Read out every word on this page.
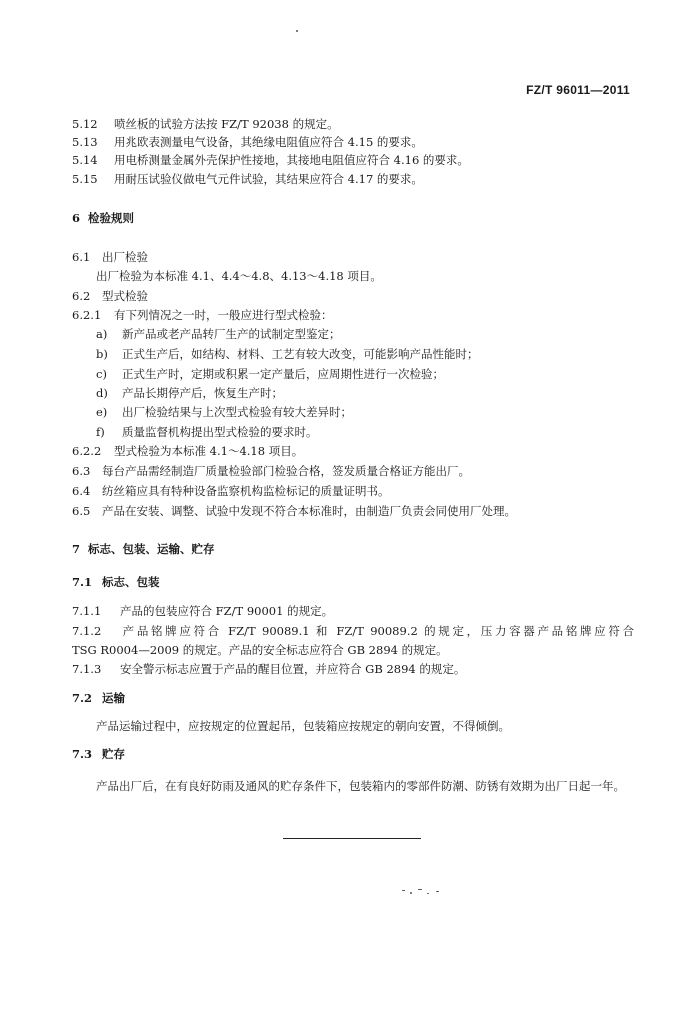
FZ/T 96011—2011
5.12 喷丝板的试验方法按 FZ/T 92038 的规定。
5.13 用兆欧表测量电气设备，其绝缘电阻值应符合 4.15 的要求。
5.14 用电桥测量金属外壳保护性接地，其接地电阻值应符合 4.16 的要求。
5.15 用耐压试验仪做电气元件试验，其结果应符合 4.17 的要求。
6 检验规则
6.1 出厂检验
出厂检验为本标准 4.1、4.4～4.8、4.13～4.18 项目。
6.2 型式检验
6.2.1 有下列情况之一时，一般应进行型式检验：
a) 新产品或老产品转厂生产的试制定型鉴定；
b) 正式生产后，如结构、材料、工艺有较大改变，可能影响产品性能时；
c) 正式生产时，定期或积累一定产量后，应周期性进行一次检验；
d) 产品长期停产后，恢复生产时；
e) 出厂检验结果与上次型式检验有较大差异时；
f) 质量监督机构提出型式检验的要求时。
6.2.2 型式检验为本标准 4.1～4.18 项目。
6.3 每台产品需经制造厂质量检验部门检验合格，签发质量合格证方能出厂。
6.4 纺丝箱应具有特种设备监察机构监检标记的质量证明书。
6.5 产品在安装、调整、试验中发现不符合本标准时，由制造厂负责会同使用厂处理。
7 标志、包装、运输、贮存
7.1 标志、包装
7.1.1 产品的包装应符合 FZ/T 90001 的规定。
7.1.2 产品铭牌应符合 FZ/T 90089.1 和 FZ/T 90089.2 的规定，压力容器产品铭牌应符合
TSG R0004—2009 的规定。产品的安全标志应符合 GB 2894 的规定。
7.1.3 安全警示标志应置于产品的醒目位置，并应符合 GB 2894 的规定。
7.2 运输
产品运输过程中，应按规定的位置起吊，包装箱应按规定的朝向安置，不得倾倒。
7.3 贮存
产品出厂后，在有良好防雨及通风的贮存条件下，包装箱内的零部件防潮、防锈有效期为出厂日起一年。
